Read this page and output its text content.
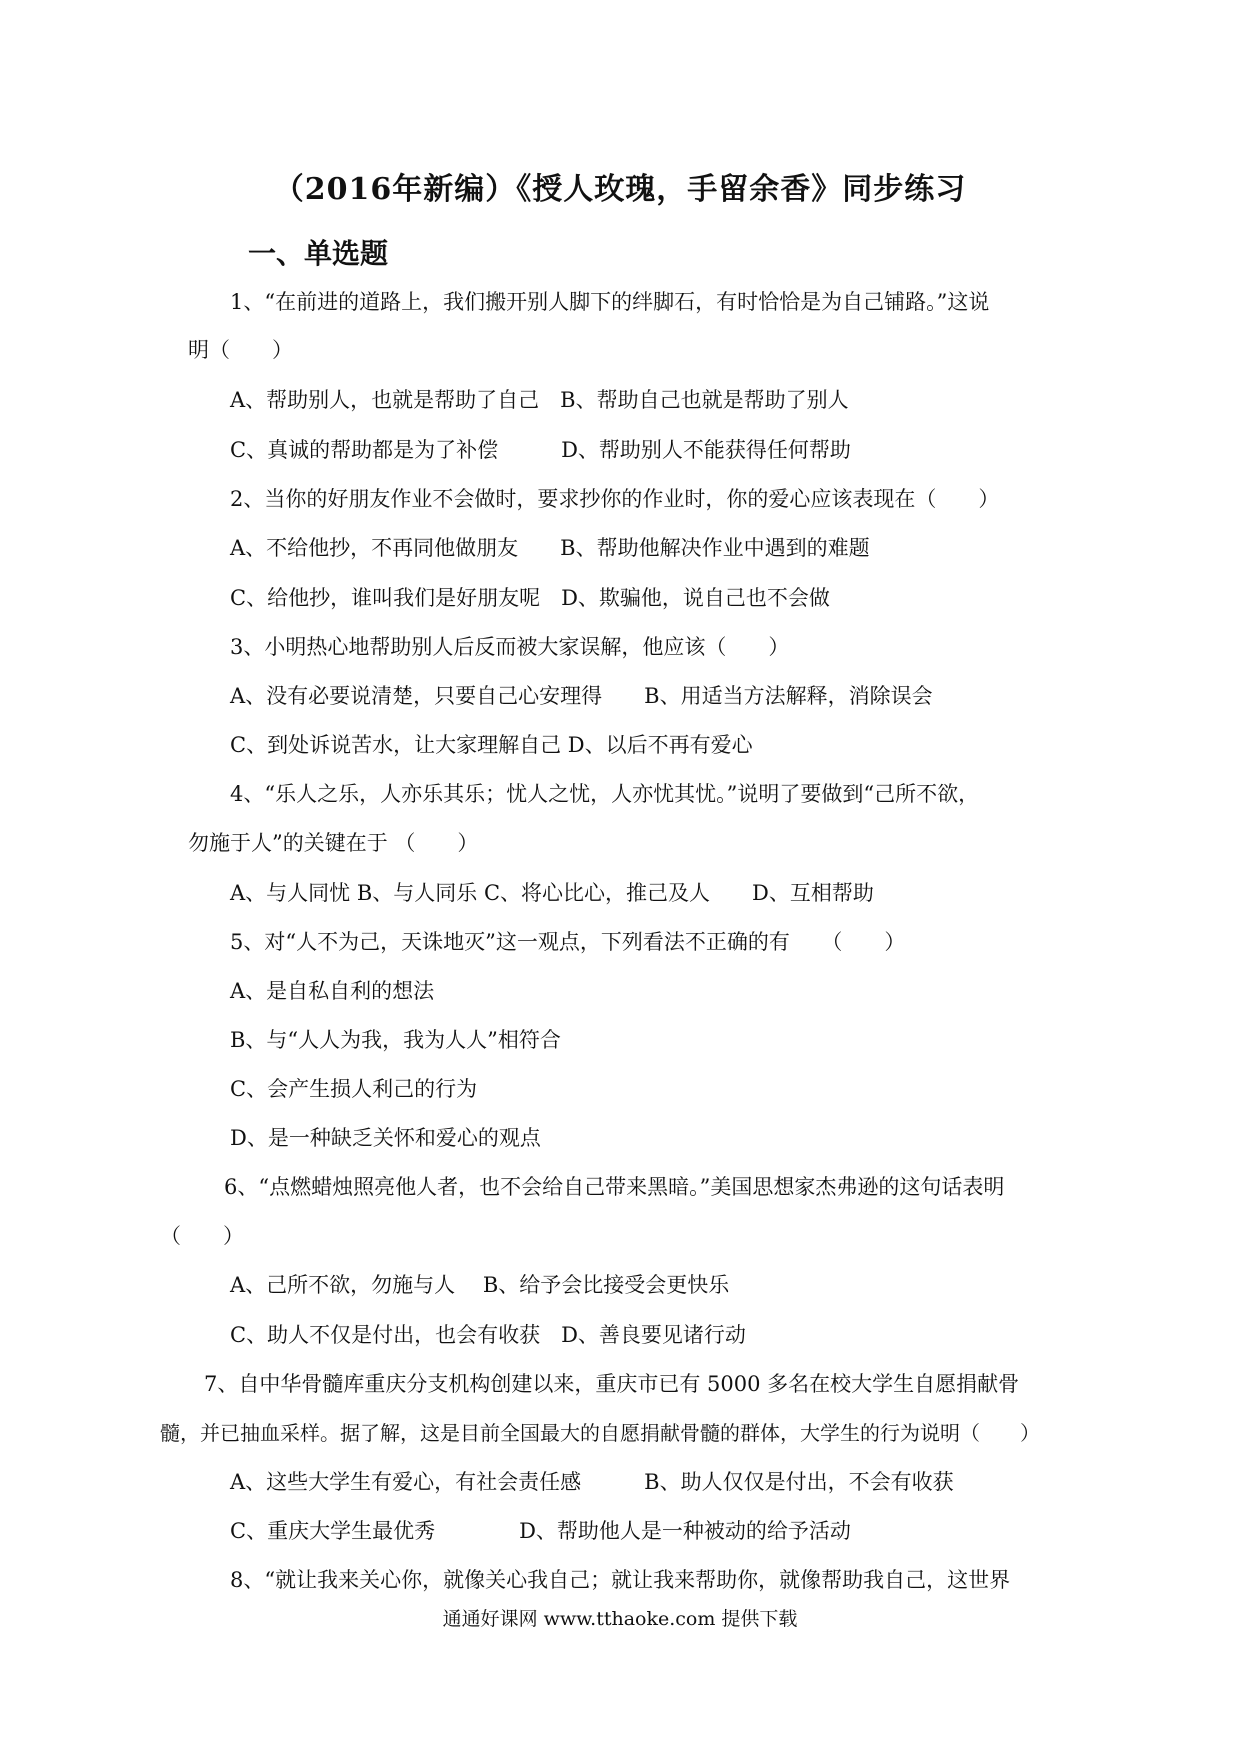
（2016年新编）《授人玫瑰，手留余香》同步练习
一、单选题
1、“在前进的道路上，我们搬开别人脚下的绊脚石，有时恰恰是为自己铺路。”这说
明（　　）
A、帮助别人，也就是帮助了自己　B、帮助自己也就是帮助了别人
C、真诚的帮助都是为了补偿　　　D、帮助别人不能获得任何帮助
2、当你的好朋友作业不会做时，要求抄你的作业时，你的爱心应该表现在（　　）
A、不给他抄，不再同他做朋友　　B、帮助他解决作业中遇到的难题
C、给他抄，谁叫我们是好朋友呢　D、欺骗他，说自己也不会做
3、小明热心地帮助别人后反而被大家误解，他应该（　　）
A、没有必要说清楚，只要自己心安理得　　B、用适当方法解释，消除误会
C、到处诉说苦水，让大家理解自己 D、以后不再有爱心
4、“乐人之乐，人亦乐其乐；忧人之忧，人亦忧其忧。”说明了要做到“己所不欲，
勿施于人”的关键在于 （　　）
A、与人同忧 B、与人同乐 C、将心比心，推己及人　　D、互相帮助
5、对“人不为己，天诛地灭”这一观点，下列看法不正确的有　　（　　）
A、是自私自利的想法
B、与“人人为我，我为人人”相符合
C、会产生损人利己的行为
D、是一种缺乏关怀和爱心的观点
6、“点燃蜡烛照亮他人者，也不会给自己带来黑暗。”美国思想家杰弗逊的这句话表明
（　　）
A、己所不欲，勿施与人　 B、给予会比接受会更快乐
C、助人不仅是付出，也会有收获　D、善良要见诸行动
7、自中华骨髓库重庆分支机构创建以来，重庆市已有 5000 多名在校大学生自愿捐献骨
髓，并已抽血采样。据了解，这是目前全国最大的自愿捐献骨髓的群体，大学生的行为说明（　　）
A、这些大学生有爱心，有社会责任感　　　B、助人仅仅是付出，不会有收获
C、重庆大学生最优秀　　　　D、帮助他人是一种被动的给予活动
8、“就让我来关心你，就像关心我自己；就让我来帮助你，就像帮助我自己，这世界
通通好课网 www.tthaoke.com 提供下载
